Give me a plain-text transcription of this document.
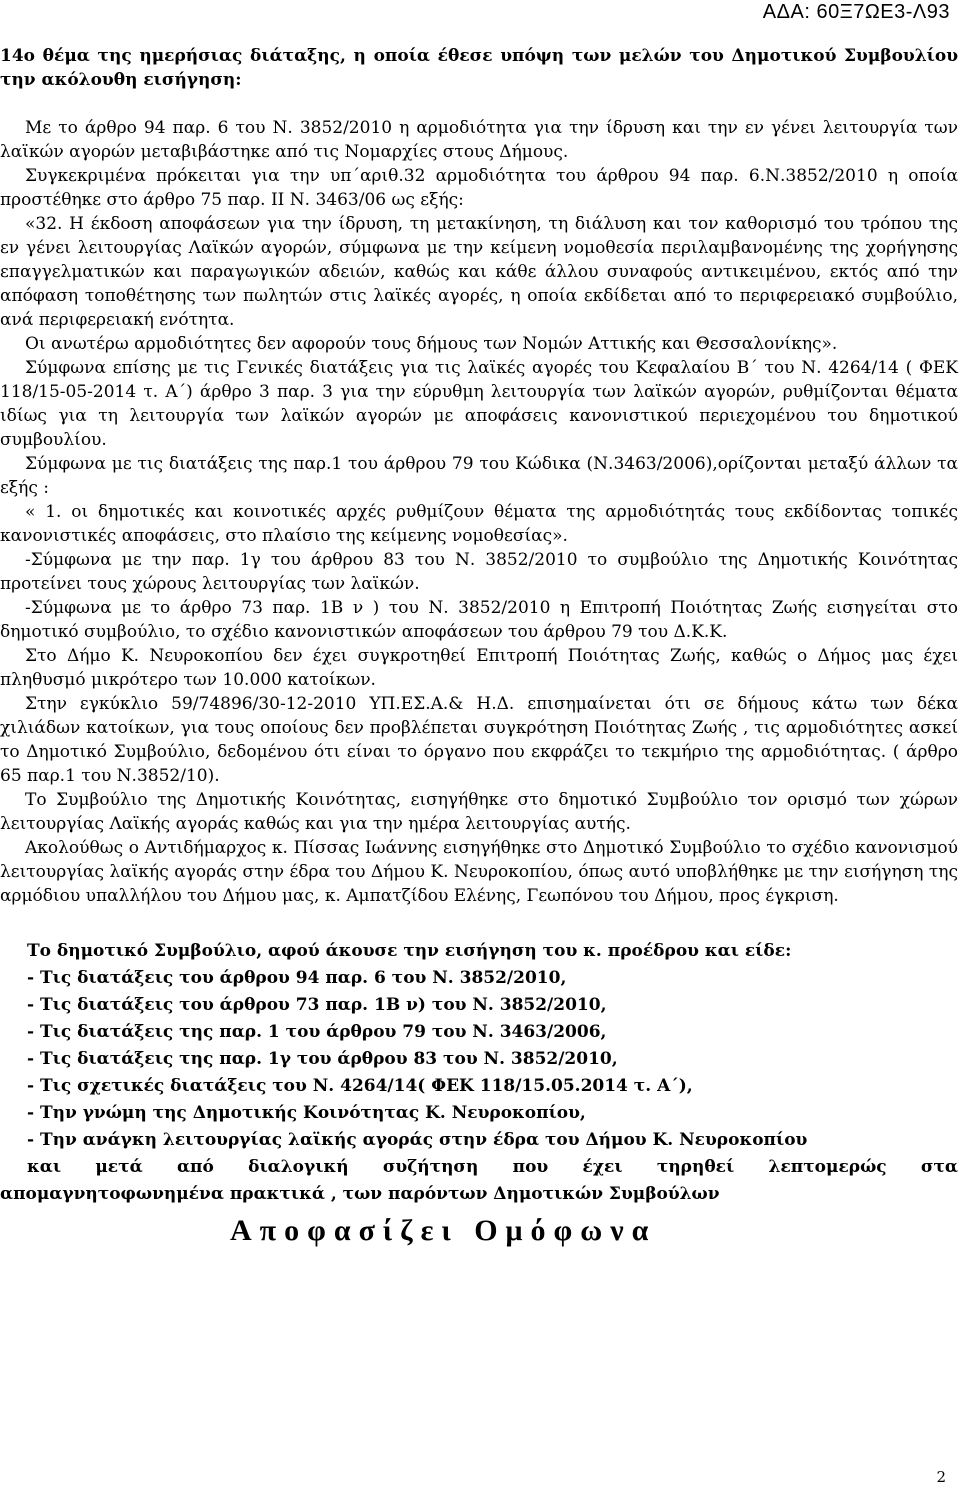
ΑΔΑ: 60Ξ7ΩΕ3-Λ93

14ο θέμα της ημερήσιας διάταξης, η οποία έθεσε υπόψη των μελών του Δημοτικού Συμβουλίου την ακόλουθη εισήγηση:

Με το άρθρο 94 παρ. 6 του Ν. 3852/2010 η αρμοδιότητα για την ίδρυση και την εν γένει λειτουργία των λαϊκών αγορών μεταβιβάστηκε από τις Νομαρχίες στους Δήμους.

Συγκεκριμένα πρόκειται για την υπ΄αριθ.32 αρμοδιότητα του άρθρου 94 παρ. 6.Ν.3852/2010 η οποία προστέθηκε στο άρθρο 75 παρ. ΙΙ Ν. 3463/06 ως εξής:

«32. Η έκδοση αποφάσεων για την ίδρυση, τη μετακίνηση, τη διάλυση και τον καθορισμό του τρόπου της εν γένει λειτουργίας Λαϊκών αγορών, σύμφωνα με την κείμενη νομοθεσία περιλαμβανομένης της χορήγησης επαγγελματικών και παραγωγικών αδειών, καθώς και κάθε άλλου συναφούς αντικειμένου, εκτός από την απόφαση τοποθέτησης των πωλητών στις λαϊκές αγορές, η οποία εκδίδεται από το περιφερειακό συμβούλιο, ανά περιφερειακή ενότητα.

Οι ανωτέρω αρμοδιότητες δεν αφορούν τους δήμους των Νομών Αττικής και Θεσσαλονίκης».

Σύμφωνα επίσης με τις Γενικές διατάξεις για τις λαϊκές αγορές του Κεφαλαίου Β΄ του Ν. 4264/14 ( ΦΕΚ 118/15-05-2014 τ. Α΄) άρθρο 3 παρ. 3 για την εύρυθμη λειτουργία των λαϊκών αγορών, ρυθμίζονται θέματα ιδίως για τη λειτουργία των λαϊκών αγορών με αποφάσεις κανονιστικού περιεχομένου του δημοτικού συμβουλίου.

Σύμφωνα με τις διατάξεις της παρ.1 του άρθρου 79 του Κώδικα (Ν.3463/2006),ορίζονται μεταξύ άλλων τα εξής :

« 1. οι δημοτικές και κοινοτικές αρχές ρυθμίζουν θέματα της αρμοδιότητάς τους εκδίδοντας τοπικές κανονιστικές αποφάσεις, στο πλαίσιο της κείμενης νομοθεσίας».

-Σύμφωνα με την παρ. 1γ του άρθρου 83 του Ν. 3852/2010 το συμβούλιο της Δημοτικής Κοινότητας προτείνει τους χώρους λειτουργίας των λαϊκών.

-Σύμφωνα με το άρθρο 73 παρ. 1Β ν ) του Ν. 3852/2010 η Επιτροπή Ποιότητας Ζωής εισηγείται στο δημοτικό συμβούλιο, το σχέδιο κανονιστικών αποφάσεων του άρθρου 79 του Δ.Κ.Κ.

Στο Δήμο Κ. Νευροκοπίου δεν έχει συγκροτηθεί Επιτροπή Ποιότητας Ζωής, καθώς ο Δήμος μας έχει πληθυσμό μικρότερο των 10.000 κατοίκων.

Στην εγκύκλιο 59/74896/30-12-2010 ΥΠ.ΕΣ.Α.& Η.Δ. επισημαίνεται ότι σε δήμους κάτω των δέκα χιλιάδων κατοίκων, για τους οποίους δεν προβλέπεται συγκρότηση Ποιότητας Ζωής , τις αρμοδιότητες ασκεί το Δημοτικό Συμβούλιο, δεδομένου ότι είναι το όργανο που εκφράζει το τεκμήριο της αρμοδιότητας. ( άρθρο 65 παρ.1 του Ν.3852/10).

Το Συμβούλιο της Δημοτικής Κοινότητας, εισηγήθηκε στο δημοτικό Συμβούλιο τον ορισμό των χώρων λειτουργίας Λαϊκής αγοράς καθώς και για την ημέρα λειτουργίας αυτής.

Ακολούθως ο Αντιδήμαρχος κ. Πίσσας Ιωάννης εισηγήθηκε στο Δημοτικό Συμβούλιο το σχέδιο κανονισμού λειτουργίας λαϊκής αγοράς στην έδρα του Δήμου Κ. Νευροκοπίου, όπως αυτό υποβλήθηκε με την εισήγηση της αρμόδιου υπαλλήλου του Δήμου μας, κ. Αμπατζίδου Ελένης, Γεωπόνου του Δήμου, προς έγκριση.

Το δημοτικό Συμβούλιο, αφού άκουσε την εισήγηση του κ. προέδρου και είδε:

- Τις διατάξεις του άρθρου 94 παρ. 6 του Ν. 3852/2010,

- Τις διατάξεις του άρθρου 73 παρ. 1Β ν) του Ν. 3852/2010,

- Τις διατάξεις της παρ. 1 του άρθρου 79 του Ν. 3463/2006,

- Τις διατάξεις της παρ. 1γ του άρθρου 83 του Ν. 3852/2010,

- Τις σχετικές διατάξεις του Ν. 4264/14( ΦΕΚ 118/15.05.2014 τ. Α΄),

- Την γνώμη της Δημοτικής Κοινότητας Κ. Νευροκοπίου,

- Την ανάγκη λειτουργίας λαϊκής αγοράς στην έδρα του Δήμου Κ. Νευροκοπίου

και μετά από διαλογική συζήτηση που έχει τηρηθεί λεπτομερώς στα

απομαγνητοφωνημένα πρακτικά , των παρόντων Δημοτικών Συμβούλων

Αποφασίζει Ομόφωνα

2
